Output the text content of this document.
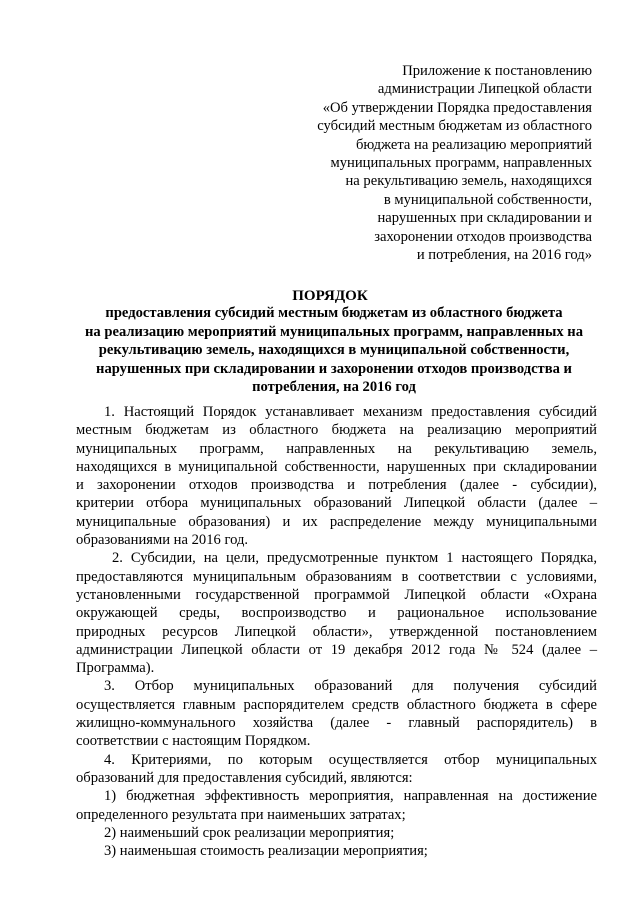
Приложение к постановлению
администрации Липецкой области
«Об утверждении Порядка предоставления
субсидий местным бюджетам из областного
бюджета на реализацию мероприятий
муниципальных программ, направленных
на рекультивацию земель, находящихся
в муниципальной собственности,
нарушенных при складировании и
захоронении отходов производства
и потребления, на 2016 год»
ПОРЯДОК
предоставления субсидий местным бюджетам из областного бюджета
на реализацию мероприятий муниципальных программ, направленных на
рекультивацию земель, находящихся в муниципальной собственности,
нарушенных при складировании и захоронении отходов производства и
потребления, на 2016 год
1. Настоящий Порядок устанавливает механизм предоставления субсидий
местным бюджетам из областного бюджета на реализацию мероприятий
муниципальных программ, направленных на рекультивацию земель,
находящихся в муниципальной собственности, нарушенных при складировании
и захоронении отходов производства и потребления (далее - субсидии),
критерии отбора муниципальных образований Липецкой области (далее –
муниципальные образования) и их распределение между муниципальными
образованиями на 2016 год.
2. Субсидии, на цели, предусмотренные пунктом 1 настоящего Порядка,
предоставляются муниципальным образованиям в соответствии с условиями,
установленными государственной программой Липецкой области «Охрана
окружающей среды, воспроизводство и рациональное использование
природных ресурсов Липецкой области», утвержденной постановлением
администрации Липецкой области от 19 декабря 2012 года № 524 (далее –
Программа).
3. Отбор муниципальных образований для получения субсидий
осуществляется главным распорядителем средств областного бюджета в сфере
жилищно-коммунального хозяйства (далее - главный распорядитель) в
соответствии с настоящим Порядком.
4. Критериями, по которым осуществляется отбор муниципальных
образований для предоставления субсидий, являются:
1) бюджетная эффективность мероприятия, направленная на достижение
определенного результата при наименьших затратах;
2) наименьший срок реализации мероприятия;
3) наименьшая стоимость реализации мероприятия;
